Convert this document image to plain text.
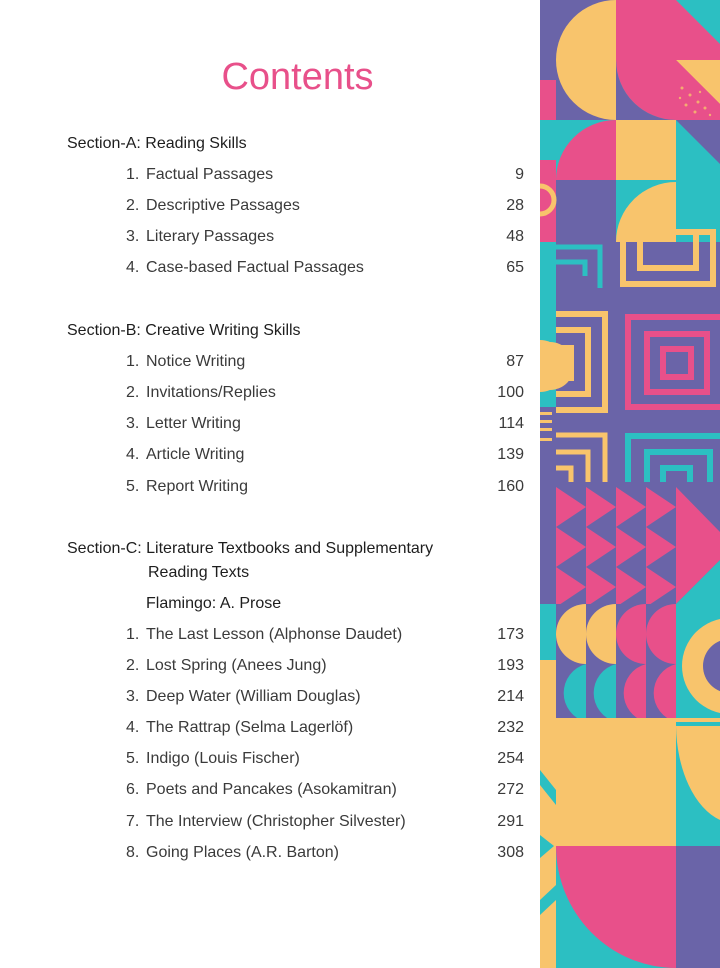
Contents
Section-A: Reading Skills
1. Factual Passages	9
2. Descriptive Passages	28
3. Literary Passages	48
4. Case-based Factual Passages	65
Section-B: Creative Writing Skills
1. Notice Writing	87
2. Invitations/Replies	100
3. Letter Writing	114
4. Article Writing	139
5. Report Writing	160
Section-C: Literature Textbooks and Supplementary
Reading Texts
Flamingo: A. Prose
1. The Last Lesson (Alphonse Daudet)	173
2. Lost Spring (Anees Jung)	193
3. Deep Water (William Douglas)	214
4. The Rattrap (Selma Lagerlöf)	232
5. Indigo (Louis Fischer)	254
6. Poets and Pancakes (Asokamitran)	272
7. The Interview (Christopher Silvester)	291
8. Going Places (A.R. Barton)	308
